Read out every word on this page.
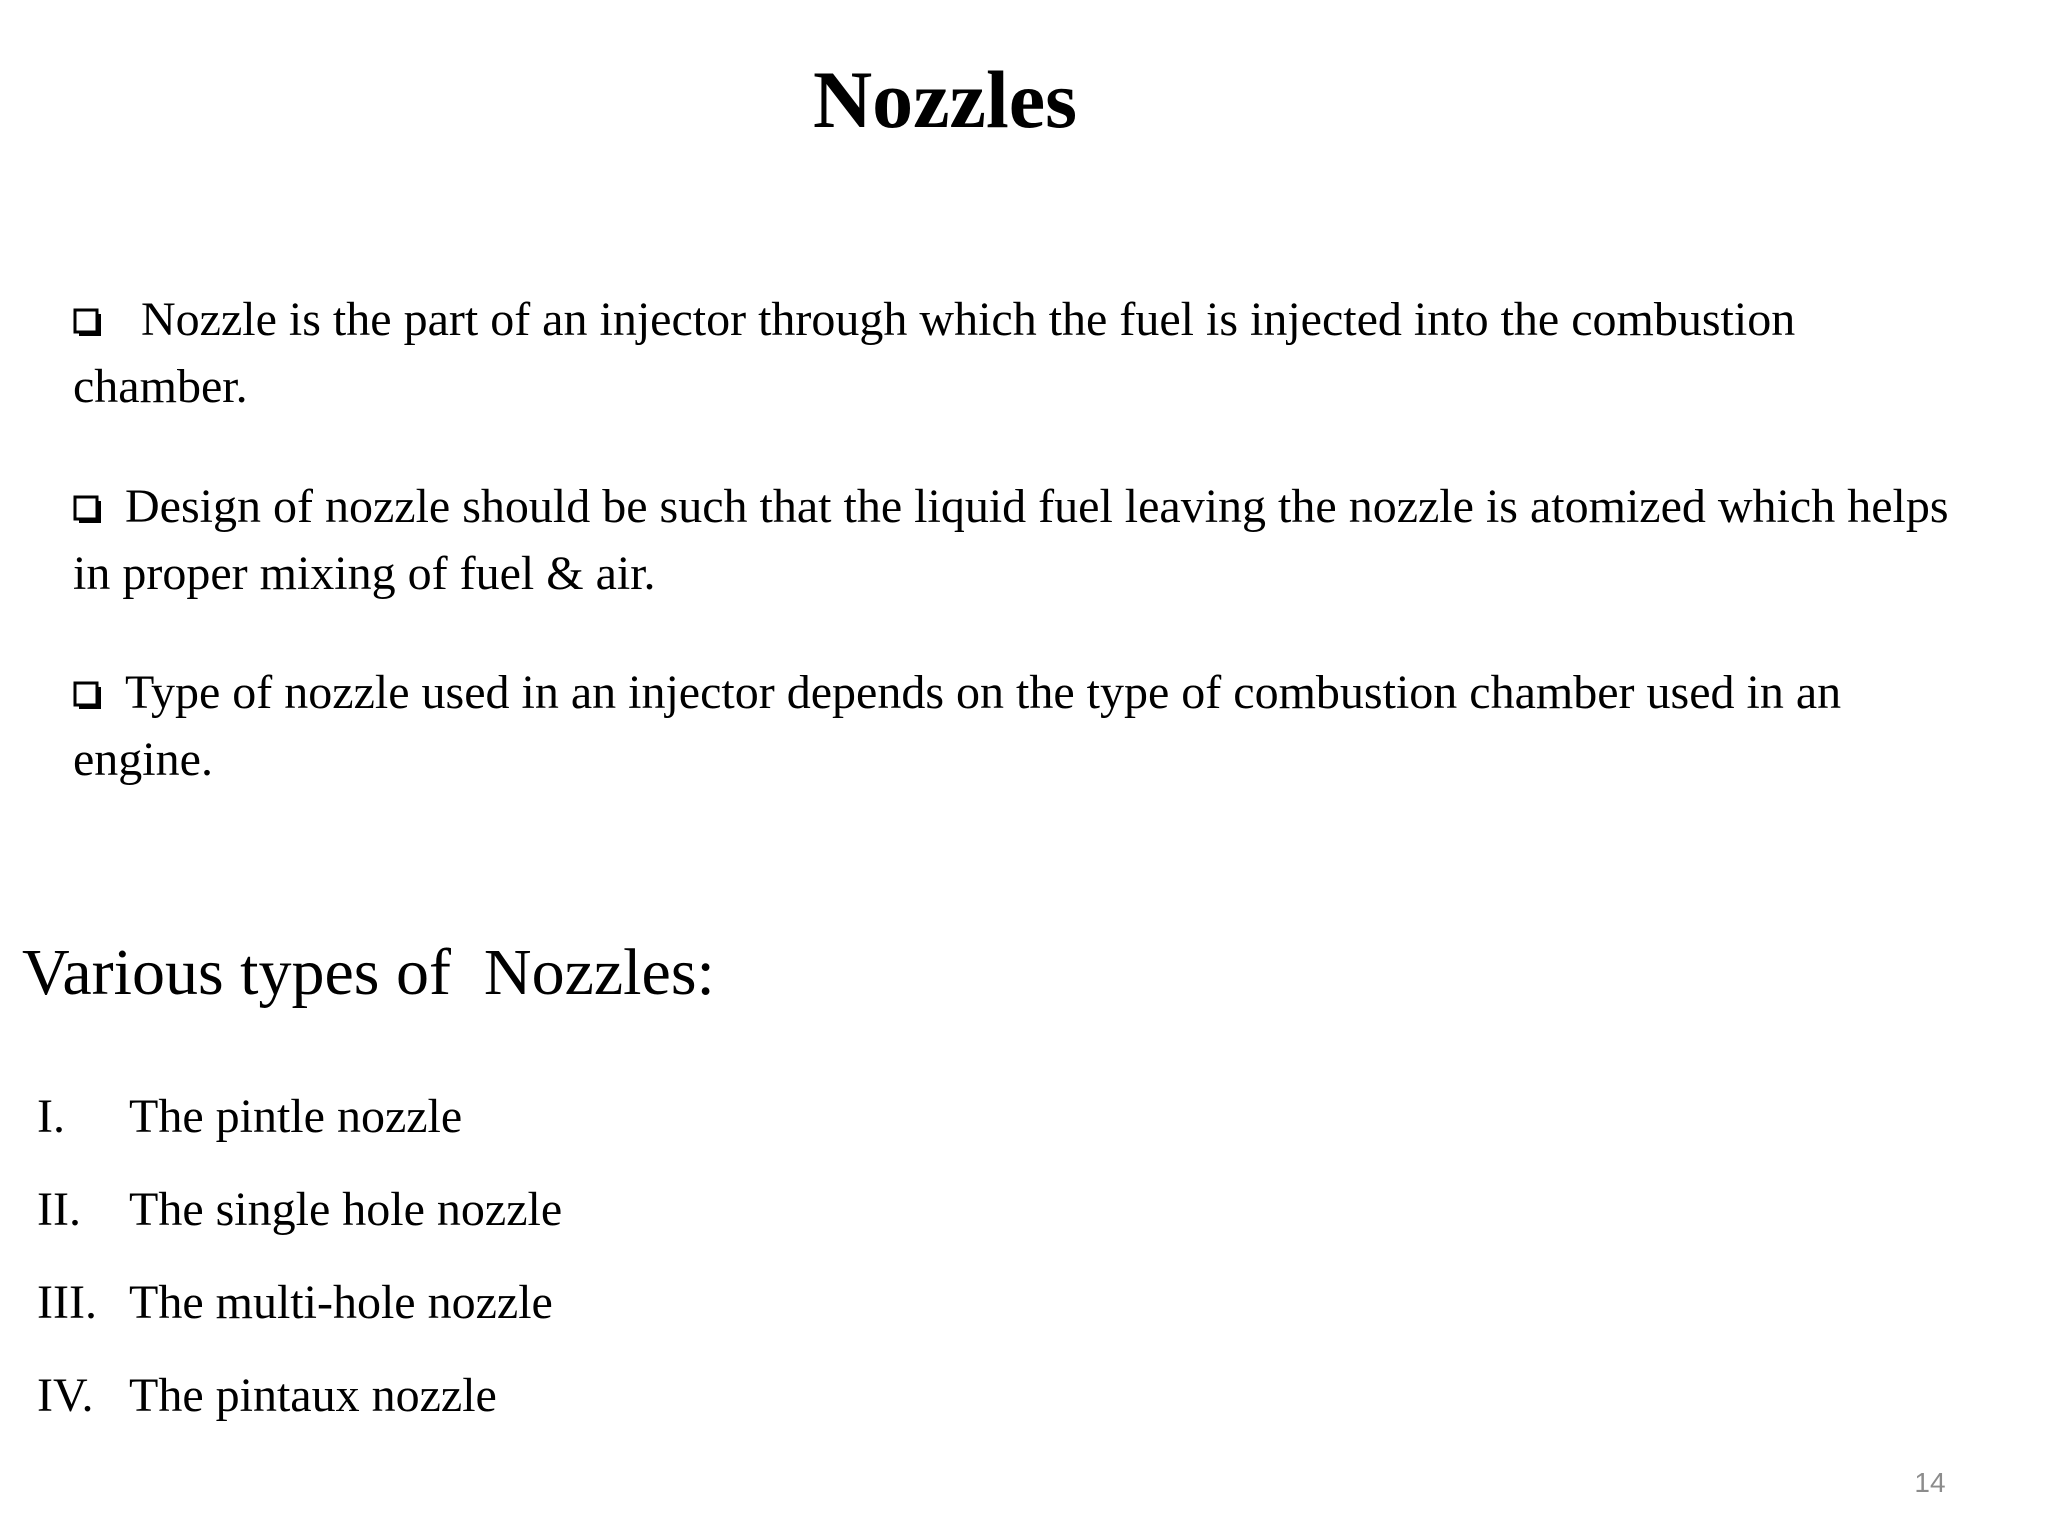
Nozzles
Nozzle is the part of an injector through which the fuel is injected into the combustion chamber.
Design of nozzle should be such that the liquid fuel leaving the nozzle is atomized which helps in proper mixing of fuel & air.
Type of nozzle used in an injector depends on the type of combustion chamber used in an engine.
Various types of  Nozzles:
I. The pintle nozzle
II. The single hole nozzle
III. The multi-hole nozzle
IV. The pintaux nozzle
14
